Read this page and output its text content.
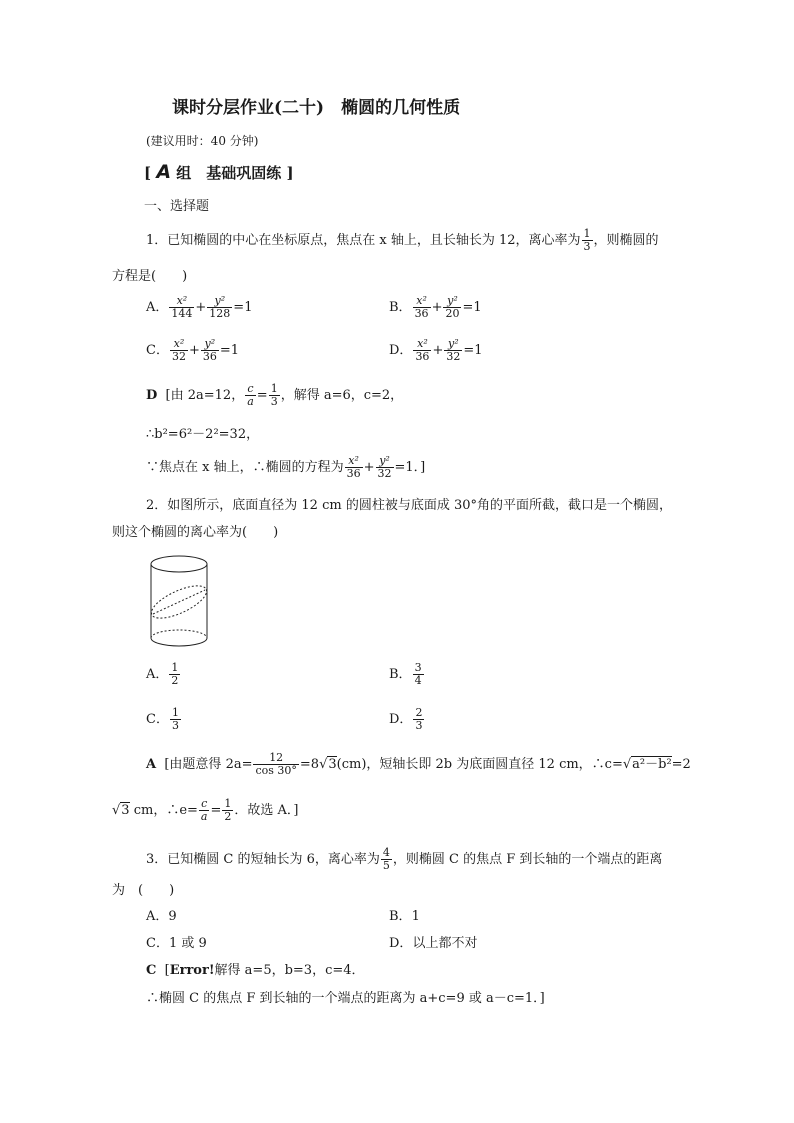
课时分层作业(二十)　椭圆的几何性质
(建议用时：40 分钟)
[ A 组　基础巩固练 ]
一、选择题
1．已知椭圆的中心在坐标原点，焦点在 x 轴上，且长轴长为 12，离心率为 $\frac{1}{3}$ ，则椭圆的
方程是(　　)
A． $\frac{\text{x²}}{144} + \frac{\text{y²}}{128} =1$	B． $\frac{\text{x²}}{36} + \frac{\text{y²}}{20} =1$
C． $\frac{\text{x²}}{32} + \frac{\text{y²}}{36} =1$	D． $\frac{\text{x²}}{36} + \frac{\text{y²}}{32} =1$
D [由 2a=12， $\frac{c}{a} = \frac{1}{3}$ ，解得 a=6，c=2，
∴b²=6²－2²=32，
∵焦点在 x 轴上，∴椭圆的方程为 $\frac{\text{x²}}{36} + \frac{\text{y²}}{32} =1$．]
2．如图所示，底面直径为 12 cm 的圆柱被与底面成 30°角的平面所截，截口是一个椭圆，
则这个椭圆的离心率为(　　)
A． $\frac{1}{2}$	B． $\frac{3}{4}$
C． $\frac{1}{3}$	D． $\frac{2}{3}$
A [由题意得 $2a= \frac{12}{\cos 30^\circ} =8√3(cm)$，短轴长即 2b 为底面圆直径 12 cm，∴c=√a²－b²=2
√3 cm，∴e= $\frac{c}{a} = \frac{1}{2}$ ．故选 A．]
3．已知椭圆 C 的短轴长为 6，离心率为 $\frac{4}{5}$ ，则椭圆 C 的焦点 F 到长轴的一个端点的距离
为　(　　)
A．9	B．1
C．1 或 9	D．以上都不对
C [Error!解得 a=5，b=3，c=4．
∴椭圆 C 的焦点 F 到长轴的一个端点的距离为 a+c=9 或 a－c=1．]
